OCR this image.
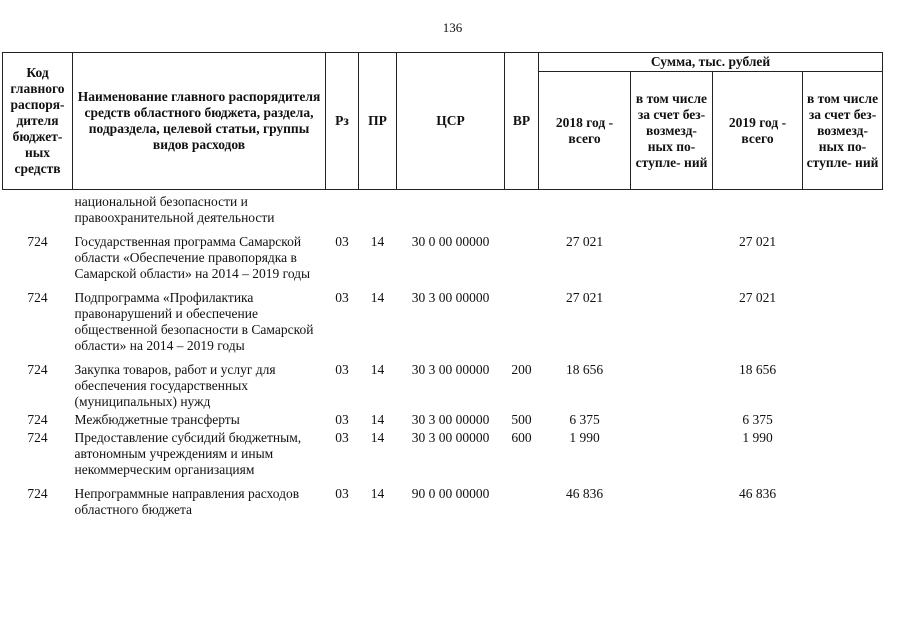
136
Код главного распоря- дителя бюджет- ных средств	Наименование главного распорядителя средств областного бюджета, раздела, подраздела, целевой статьи, группы видов расходов	Рз	ПР	ЦСР	ВР	Сумма, тыс. рублей			
						2018 год - всего	в том числе за счет без- возмезд- ных по- ступле- ний	2019 год - всего	в том числе за счет без- возмезд- ных по- ступле- ний
	национальной безопасности и правоохранительной деятельности								
724	Государственная программа Самарской области «Обеспечение правопорядка в Самарской области» на 2014 – 2019 годы	03	14	30 0 00 00000		27 021		27 021	
724	Подпрограмма «Профилактика правонарушений и обеспечение общественной безопасности в Самарской области» на 2014 – 2019 годы	03	14	30 3 00 00000		27 021		27 021	
724	Закупка товаров, работ и услуг для обеспечения государственных (муниципальных) нужд	03	14	30 3 00 00000	200	18 656		18 656	
724	Межбюджетные трансферты	03	14	30 3 00 00000	500	6 375		6 375	
724	Предоставление субсидий бюджетным, автономным учреждениям и иным некоммерческим организациям	03	14	30 3 00 00000	600	1 990		1 990	
724	Непрограммные направления расходов областного бюджета	03	14	90 0 00 00000		46 836		46 836	
